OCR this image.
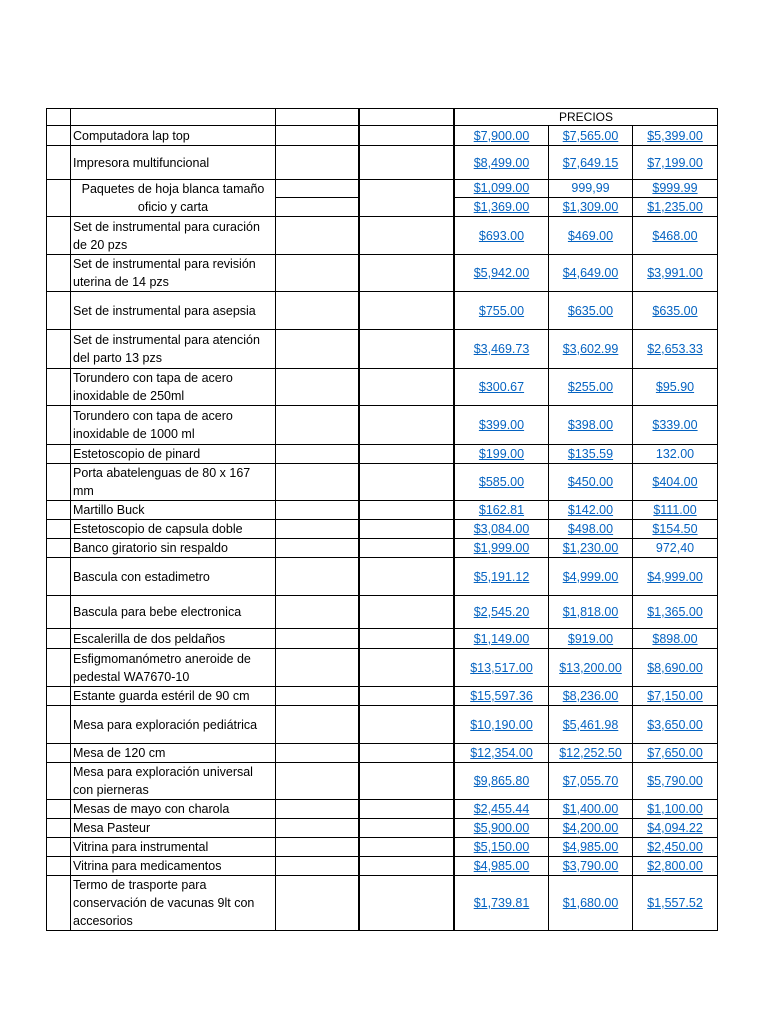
				PRECIOS		
	Computadora lap top			$7,900.00	$7,565.00	$5,399.00
	Impresora multifuncional			$8,499.00	$7,649.15	$7,199.00
	Paquetes de hoja blanca tamaño oficio y carta			$1,099.00	999,99	$999.99
				$1,369.00	$1,309.00	$1,235.00
	Set de instrumental para curación de 20 pzs			$693.00	$469.00	$468.00
	Set de instrumental para revisión uterina de 14 pzs			$5,942.00	$4,649.00	$3,991.00
	Set de instrumental para asepsia			$755.00	$635.00	$635.00
	Set de instrumental para atención del parto 13 pzs			$3,469.73	$3,602.99	$2,653.33
	Torundero con tapa de acero inoxidable de 250ml			$300.67	$255.00	$95.90
	Torundero con tapa de acero inoxidable de 1000 ml			$399.00	$398.00	$339.00
	Estetoscopio de pinard			$199.00	$135.59	132.00
	Porta abatelenguas de 80 x 167 mm			$585.00	$450.00	$404.00
	Martillo Buck			$162.81	$142.00	$111.00
	Estetoscopio de capsula doble			$3,084.00	$498.00	$154.50
	Banco giratorio sin respaldo			$1,999.00	$1,230.00	972,40
	Bascula con estadimetro			$5,191.12	$4,999.00	$4,999.00
	Bascula para bebe electronica			$2,545.20	$1,818.00	$1,365.00
	Escalerilla de dos peldaños			$1,149.00	$919.00	$898.00
	Esfigmomanómetro aneroide de pedestal WA7670-10			$13,517.00	$13,200.00	$8,690.00
	Estante guarda estéril de 90 cm			$15,597.36	$8,236.00	$7,150.00
	Mesa para exploración pediátrica			$10,190.00	$5,461.98	$3,650.00
	Mesa de 120 cm			$12,354.00	$12,252.50	$7,650.00
	Mesa para exploración universal con pierneras			$9,865.80	$7,055.70	$5,790.00
	Mesas de mayo con charola			$2,455.44	$1,400.00	$1,100.00
	Mesa Pasteur			$5,900.00	$4,200.00	$4,094.22
	Vitrina para instrumental			$5,150.00	$4,985.00	$2,450.00
	Vitrina para medicamentos			$4,985.00	$3,790.00	$2,800.00
	Termo de trasporte para conservación de vacunas 9lt con accesorios			$1,739.81	$1,680.00	$1,557.52
